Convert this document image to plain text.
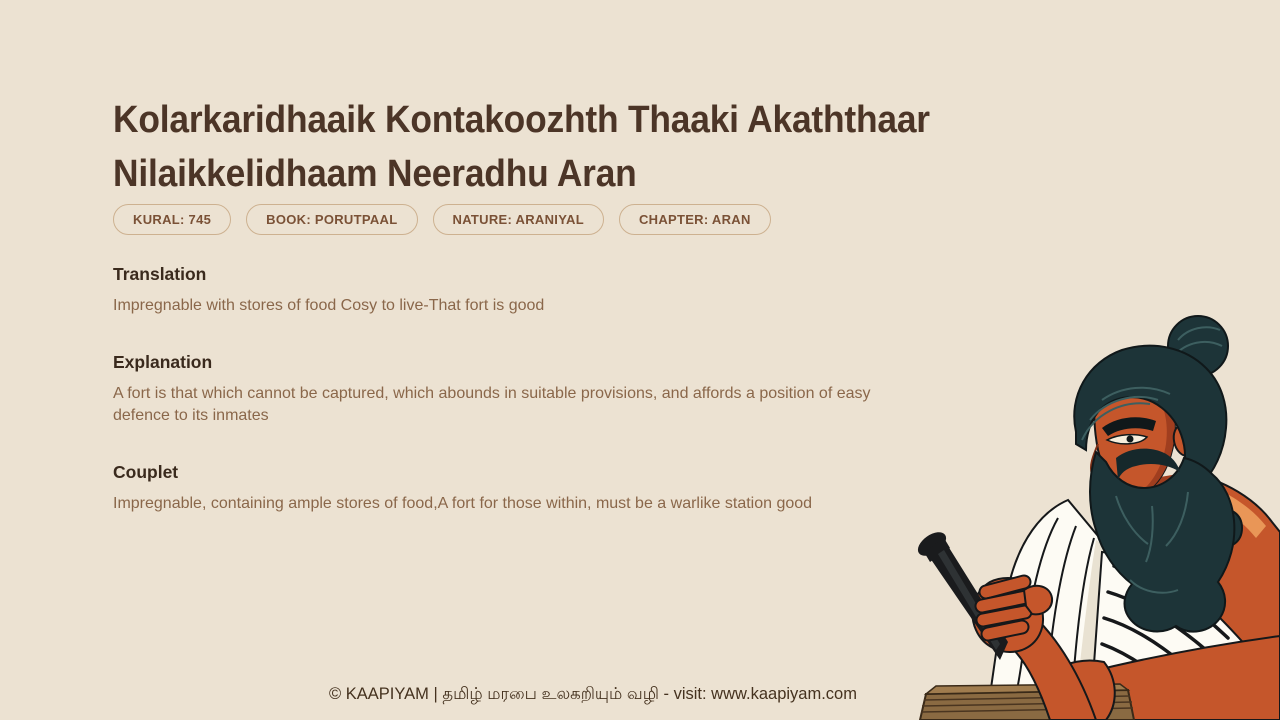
Kolarkaridhaaik Kontakoozhth Thaaki Akaththaar Nilaikkelidhaam Neeradhu Aran
KURAL: 745	BOOK: PORUTPAAL	NATURE: ARANIYAL	CHAPTER: ARAN
Translation

Impregnable with stores of food Cosy to live-That fort is good

Explanation

A fort is that which cannot be captured, which abounds in suitable provisions, and affords a position of easy defence to its inmates

Couplet

Impregnable, containing ample stores of food,A fort for those within, must be a warlike station good

© KAAPIYAM | தமிழ் மரபை உலகறியும் வழி - visit: www.kaapiyam.com
